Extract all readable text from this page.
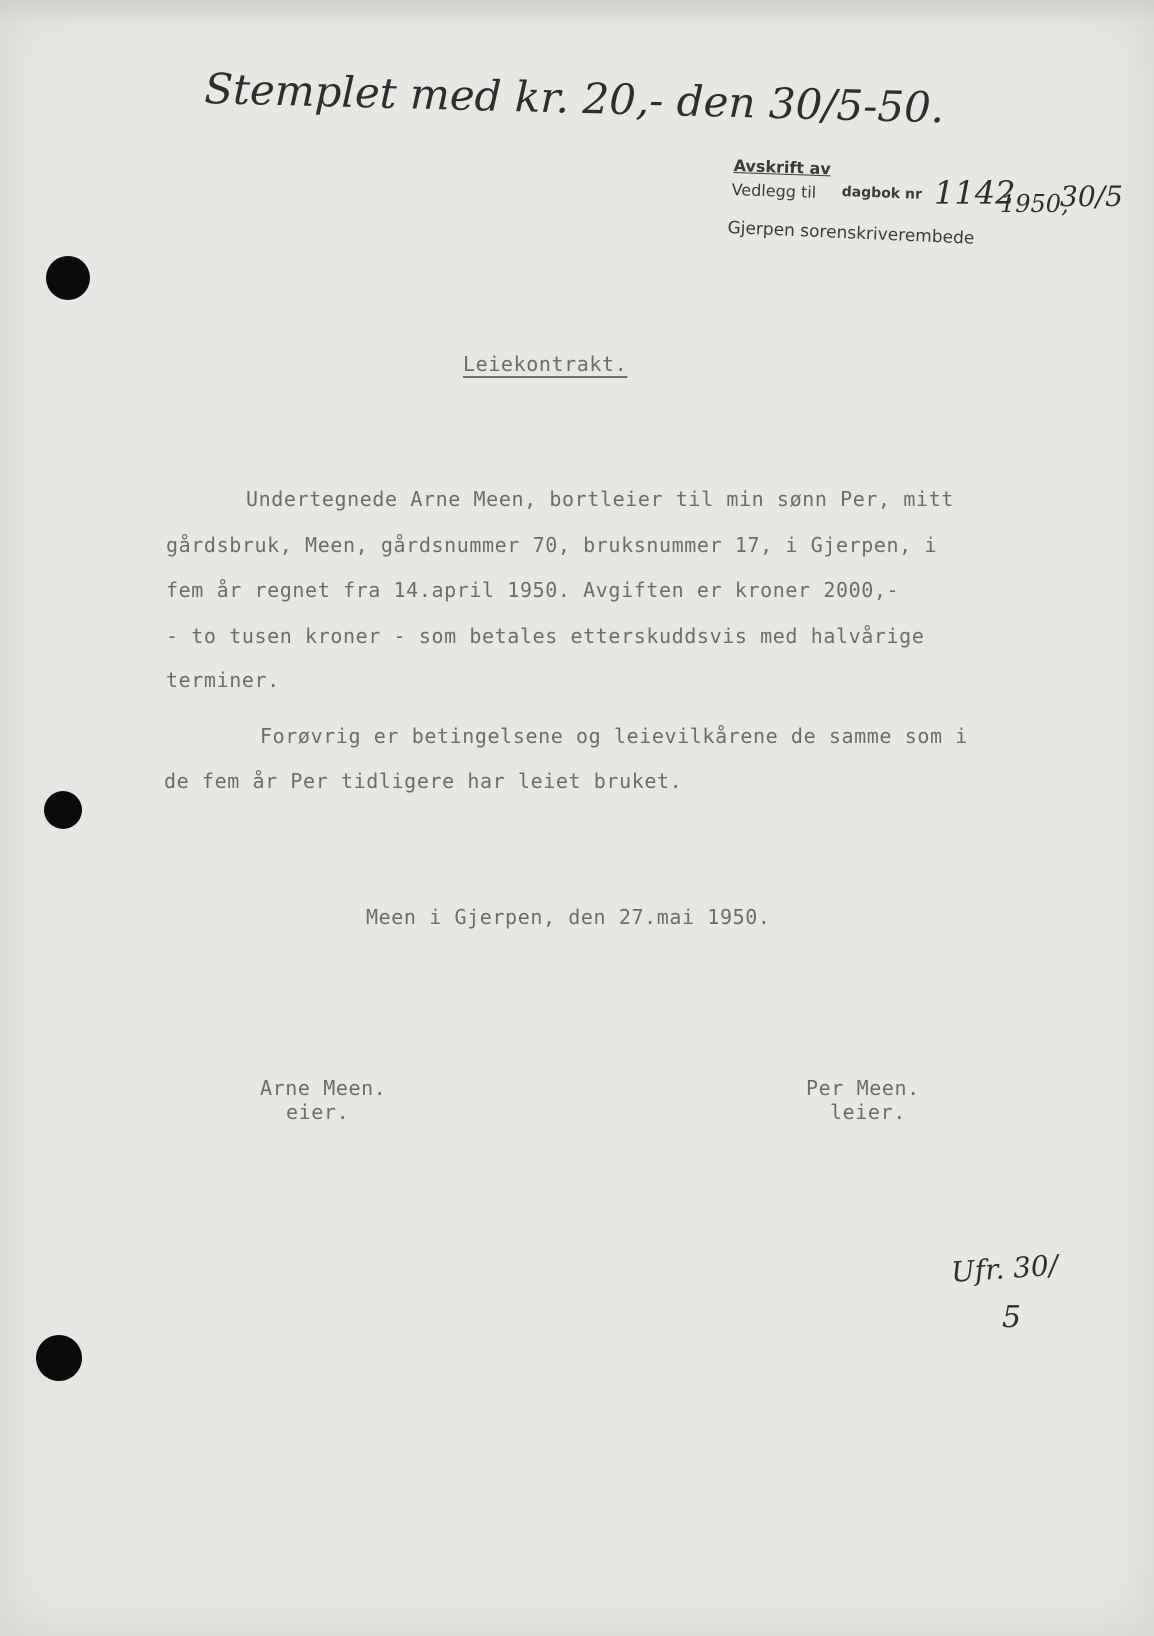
Stemplet med kr. 20,- den 30/5-50.

Avskrift av

Vedlegg til dagbok nr 1142

1950,

30/5

Gjerpen sorenskriverembede

Leiekontrakt.

Undertegnede Arne Meen, bortleier til min sønn Per, mitt

gårdsbruk, Meen, gårdsnummer 70, bruksnummer 17, i Gjerpen, i

fem år regnet fra 14.april 1950. Avgiften er kroner 2000,-

- to tusen kroner - som betales etterskuddsvis med halvårige

terminer.

Forøvrig er betingelsene og leievilkårene de samme som i

de fem år Per tidligere har leiet bruket.

Meen i Gjerpen, den 27.mai 1950.

Arne Meen.

eier.

Per Meen.

leier.

Ufr. 30/

5
